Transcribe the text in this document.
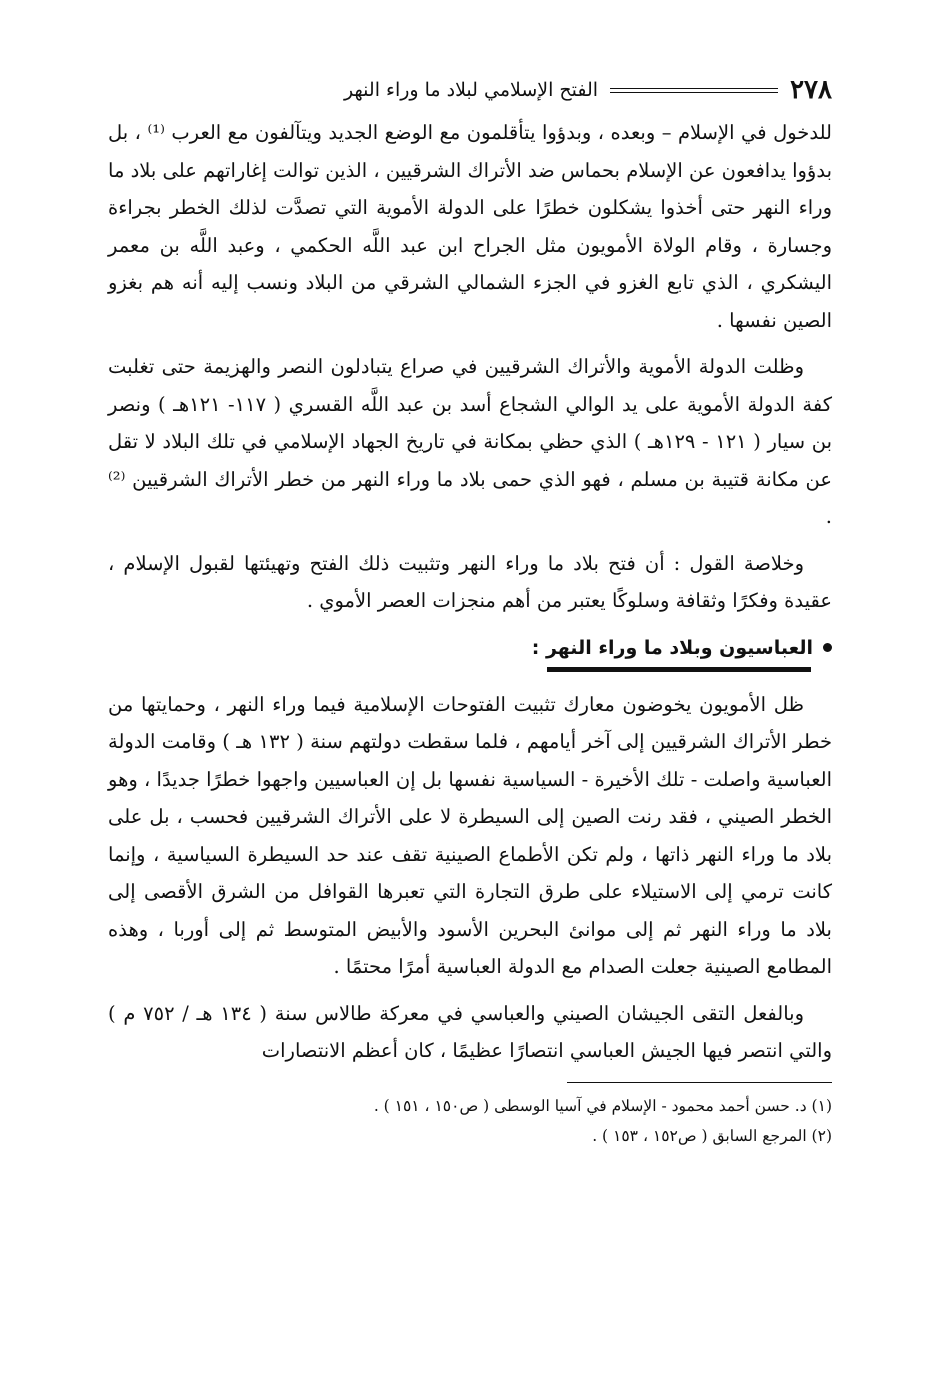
٢٧٨
الفتح الإسلامي لبلاد ما وراء النهر

للدخول في الإسلام – وبعده ، وبدؤوا يتأقلمون مع الوضع الجديد ويتآلفون مع العرب ⁽¹⁾ ، بل بدؤوا يدافعون عن الإسلام بحماس ضد الأتراك الشرقيين ، الذين توالت إغاراتهم على بلاد ما وراء النهر حتى أخذوا يشكلون خطرًا على الدولة الأموية التي تصدَّت لذلك الخطر بجراءة وجسارة ، وقام الولاة الأمويون مثل الجراح ابن عبد اللَّه الحكمي ، وعبد اللَّه بن معمر اليشكري ، الذي تابع الغزو في الجزء الشمالي الشرقي من البلاد ونسب إليه أنه هم بغزو الصين نفسها .

وظلت الدولة الأموية والأتراك الشرقيين في صراع يتبادلون النصر والهزيمة حتى تغلبت كفة الدولة الأموية على يد الوالي الشجاع أسد بن عبد اللَّه القسري ( ١١٧- ١٢١هـ ) ونصر بن سيار ( ١٢١ - ١٢٩هـ ) الذي حظي بمكانة في تاريخ الجهاد الإسلامي في تلك البلاد لا تقل عن مكانة قتيبة بن مسلم ، فهو الذي حمى بلاد ما وراء النهر من خطر الأتراك الشرقيين ⁽²⁾ .

وخلاصة القول : أن فتح بلاد ما وراء النهر وتثبيت ذلك الفتح وتهيئتها لقبول الإسلام ، عقيدة وفكرًا وثقافة وسلوكًا يعتبر من أهم منجزات العصر الأموي .

العباسيون وبلاد ما وراء النهر :

ظل الأمويون يخوضون معارك تثبيت الفتوحات الإسلامية فيما وراء النهر ، وحمايتها من خطر الأتراك الشرقيين إلى آخر أيامهم ، فلما سقطت دولتهم سنة ( ١٣٢ هـ ) وقامت الدولة العباسية واصلت - تلك الأخيرة - السياسية نفسها بل إن العباسيين واجهوا خطرًا جديدًا ، وهو الخطر الصيني ، فقد رنت الصين إلى السيطرة لا على الأتراك الشرقيين فحسب ، بل على بلاد ما وراء النهر ذاتها ، ولم تكن الأطماع الصينية تقف عند حد السيطرة السياسية ، وإنما كانت ترمي إلى الاستيلاء على طرق التجارة التي تعبرها القوافل من الشرق الأقصى إلى بلاد ما وراء النهر ثم إلى موانئ البحرين الأسود والأبيض المتوسط ثم إلى أوربا ، وهذه المطامع الصينية جعلت الصدام مع الدولة العباسية أمرًا محتمًا .

وبالفعل التقى الجيشان الصيني والعباسي في معركة طالاس سنة ( ١٣٤ هـ / ٧٥٢ م ) والتي انتصر فيها الجيش العباسي انتصارًا عظيمًا ، كان أعظم الانتصارات

(١) د. حسن أحمد محمود - الإسلام في آسيا الوسطى ( ص١٥٠ ، ١٥١ ) .

(٢) المرجع السابق ( ص١٥٢ ، ١٥٣ ) .
